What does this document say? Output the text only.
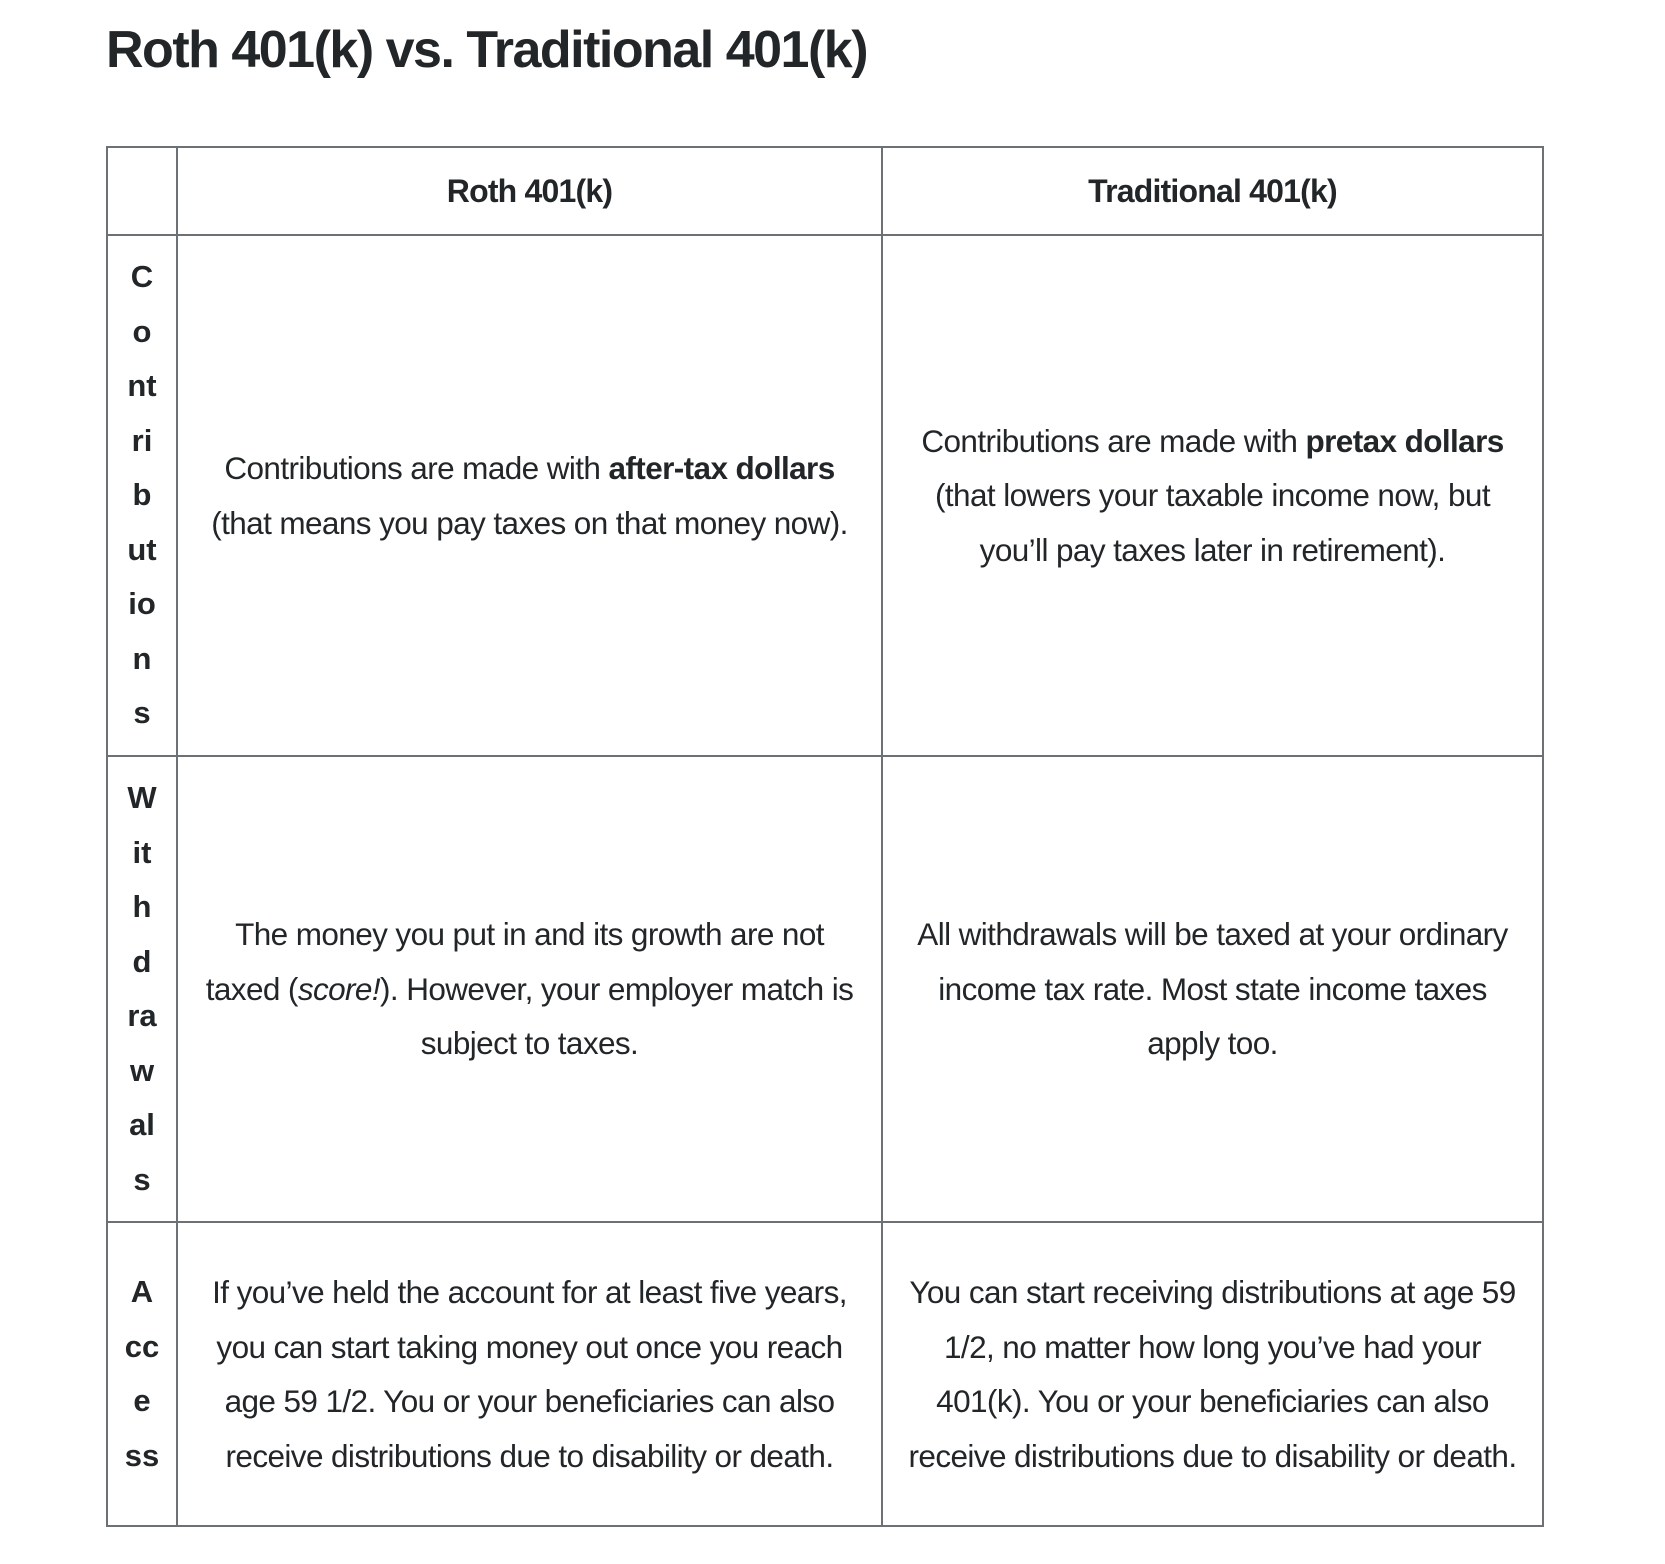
Roth 401(k) vs. Traditional 401(k)
	Roth 401(k)	Traditional 401(k)

C
o
nt
ri
b
ut
io
n
s
	Contributions are made with after-tax dollars (that means you pay taxes on that money now).	Contributions are made with pretax dollars (that lowers your taxable income now, but you’ll pay taxes later in retirement).

W
it
h
d
ra
w
al
s
	The money you put in and its growth are not taxed (score!). However, your employer match is subject to taxes.	All withdrawals will be taxed at your ordinary income tax rate. Most state income taxes apply too.

A
cc
e
ss	If you’ve held the account for at least five years, you can start taking money out once you reach age 59 1/2. You or your beneficiaries can also receive distributions due to disability or death.	You can start receiving distributions at age 59 1/2, no matter how long you’ve had your 401(k). You or your beneficiaries can also receive distributions due to disability or death.
